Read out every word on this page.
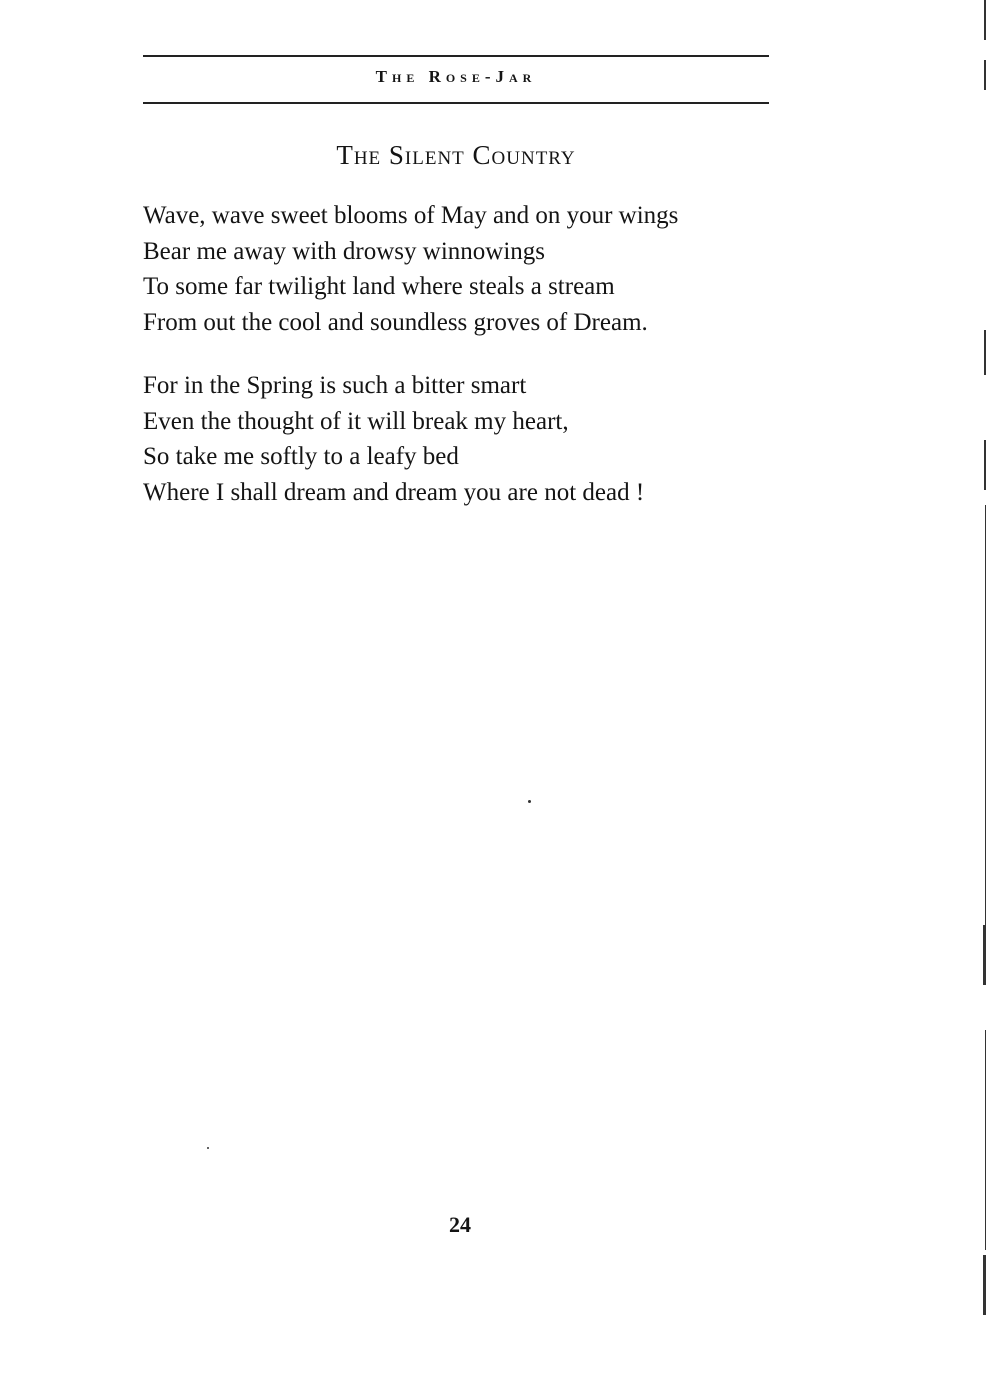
The Rose-Jar
The Silent Country
Wave, wave sweet blooms of May and on your wings
Bear me away with drowsy winnowings
To some far twilight land where steals a stream
From out the cool and soundless groves of Dream.
For in the Spring is such a bitter smart
Even the thought of it will break my heart,
So take me softly to a leafy bed
Where I shall dream and dream you are not dead !
24
